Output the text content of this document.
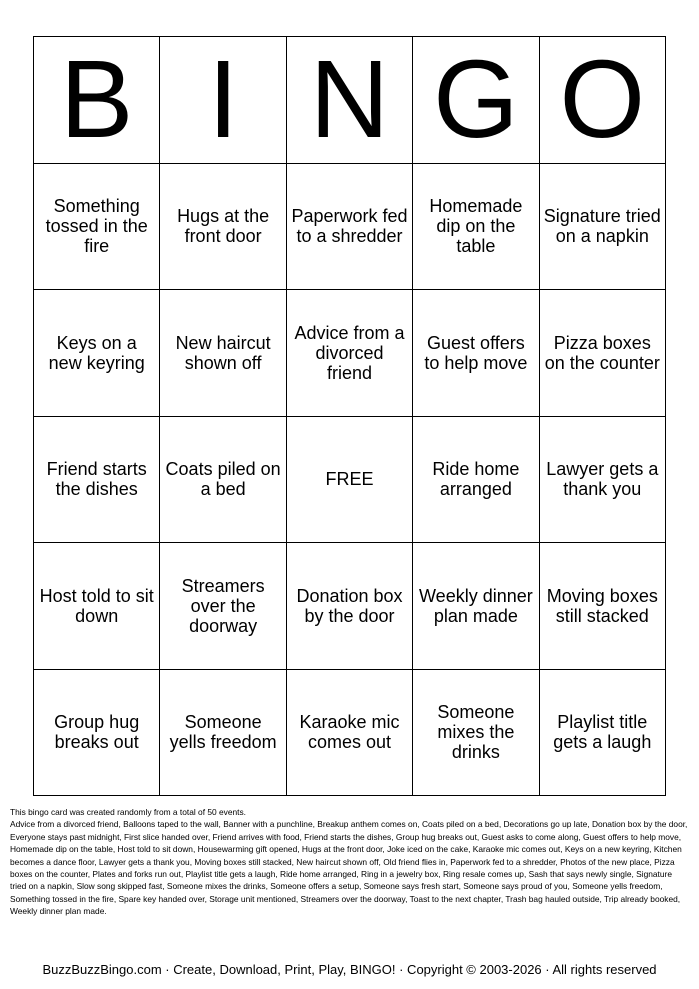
B I N G O
Something tossed in the fire
Hugs at the front door
Paperwork fed to a shredder
Homemade dip on the table
Signature tried on a napkin
Keys on a new keyring
New haircut shown off
Advice from a divorced friend
Guest offers to help move
Pizza boxes on the counter
Friend starts the dishes
Coats piled on a bed	FREE	Ride home arranged
Lawyer gets a thank you
Host told to sit down
Streamers over the doorway
Donation box by the door
Weekly dinner plan made
Moving boxes still stacked
Group hug breaks out
Someone yells freedom
Karaoke mic comes out
Someone mixes the drinks
Playlist title gets a laugh

This bingo card was created randomly from a total of 50 events.

Advice from a divorced friend, Balloons taped to the wall, Banner with a punchline, Breakup anthem comes on, Coats piled on a bed, Decorations go up late, Donation box by the door, Everyone stays past midnight, First slice handed over, Friend arrives with food, Friend starts the dishes, Group hug breaks out, Guest asks to come along, Guest offers to help move, Homemade dip on the table, Host told to sit down, Housewarming gift opened, Hugs at the front door, Joke iced on the cake, Karaoke mic comes out, Keys on a new keyring, Kitchen becomes a dance floor, Lawyer gets a thank you, Moving boxes still stacked, New haircut shown off, Old friend flies in, Paperwork fed to a shredder, Photos of the new place, Pizza boxes on the counter, Plates and forks run out, Playlist title gets a laugh, Ride home arranged, Ring in a jewelry box, Ring resale comes up, Sash that says newly single, Signature tried on a napkin, Slow song skipped fast, Someone mixes the drinks, Someone offers a setup, Someone says fresh start, Someone says proud of you, Someone yells freedom, Something tossed in the fire, Spare key handed over, Storage unit mentioned, Streamers over the doorway, Toast to the next chapter, Trash bag hauled outside, Trip already booked, Weekly dinner plan made.

BuzzBuzzBingo.com · Create, Download, Print, Play, BINGO! · Copyright © 2003-2026 · All rights reserved
